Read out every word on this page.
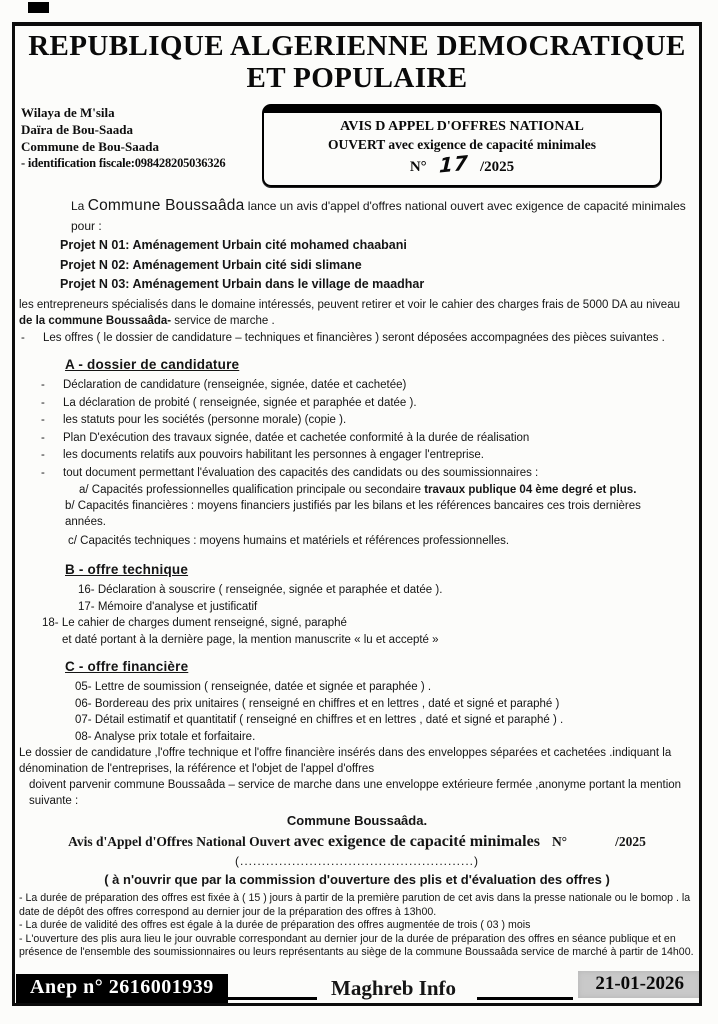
REPUBLIQUE ALGERIENNE DEMOCRATIQUE
ET POPULAIRE
Wilaya de M'sila
Daïra de Bou-Saada
Commune de Bou-Saada
- identification fiscale:098428205036326
AVIS D APPEL D'OFFRES NATIONAL
OUVERT avec exigence de capacité minimales
N° 17 /2025

La Commune Boussaâda lance un avis d'appel d'offres national ouvert avec exigence de capacité minimales pour :

Projet N 01: Aménagement Urbain cité mohamed chaabani

Projet N 02: Aménagement Urbain cité sidi slimane

Projet N 03: Aménagement Urbain dans le village de maadhar

les entrepreneurs spécialisés dans le domaine intéressés, peuvent retirer et voir le cahier des charges frais de 5000 DA au niveau de la commune Boussaâda- service de marche .

- Les offres ( le dossier de candidature – techniques et financières ) seront déposées accompagnées des pièces suivantes .

A - dossier de candidature
- Déclaration de candidature (renseignée, signée, datée et cachetée)
- La déclaration de probité ( renseignée, signée et paraphée et datée ).
- les statuts pour les sociétés (personne morale) (copie ).
- Plan D'exécution des travaux signée, datée et cachetée conformité à la durée de réalisation
- les documents relatifs aux pouvoirs habilitant les personnes à engager l'entreprise.
- tout document permettant l'évaluation des capacités des candidats ou des soumissionnaires :

a/ Capacités professionnelles qualification principale ou secondaire travaux publique 04 ème degré et plus.

b/ Capacités financières : moyens financiers justifiés par les bilans et les références bancaires ces trois dernières années.

c/ Capacités techniques : moyens humains et matériels et références professionnelles.

B - offre technique

16- Déclaration à souscrire ( renseignée, signée et paraphée et datée ).

17- Mémoire d'analyse et justificatif

18- Le cahier de charges dument renseigné, signé, paraphé

et daté portant à la dernière page, la mention manuscrite « lu et accepté »

C - offre financière

05- Lettre de soumission ( renseignée, datée et signée et paraphée ) .

06- Bordereau des prix unitaires ( renseigné en chiffres et en lettres , daté et signé et paraphé )

07- Détail estimatif et quantitatif ( renseigné en chiffres et en lettres , daté et signé et paraphé ) .

08- Analyse prix totale et forfaitaire.

Le dossier de candidature ,l'offre technique et l'offre financière insérés dans des enveloppes séparées et cachetées .indiquant la dénomination de l'entreprises, la référence et l'objet de l'appel d'offres

doivent parvenir commune Boussaâda – service de marche dans une enveloppe extérieure fermée ,anonyme portant la mention suivante :

Commune Boussaâda.

Avis d'Appel d'Offres National Ouvert avec exigence de capacité minimales N°	/2025

(......................................................)

( à n'ouvrir que par la commission d'ouverture des plis et d'évaluation des offres )

- La durée de préparation des offres est fixée à ( 15 ) jours à partir de la première parution de cet avis dans la presse nationale ou le bomop . la date de dépôt des offres correspond au dernier jour de la préparation des offres à 13h00.

- La durée de validité des offres est égale à la durée de préparation des offres augmentée de trois ( 03 ) mois

- L'ouverture des plis aura lieu le jour ouvrable correspondant au dernier jour de la durée de préparation des offres en séance publique et en présence de l'ensemble des soumissionnaires ou leurs représentants au siège de la commune Boussaâda service de marché à partir de 14h00.

Anep n° 2616001939	Maghreb Info	21-01-2026
